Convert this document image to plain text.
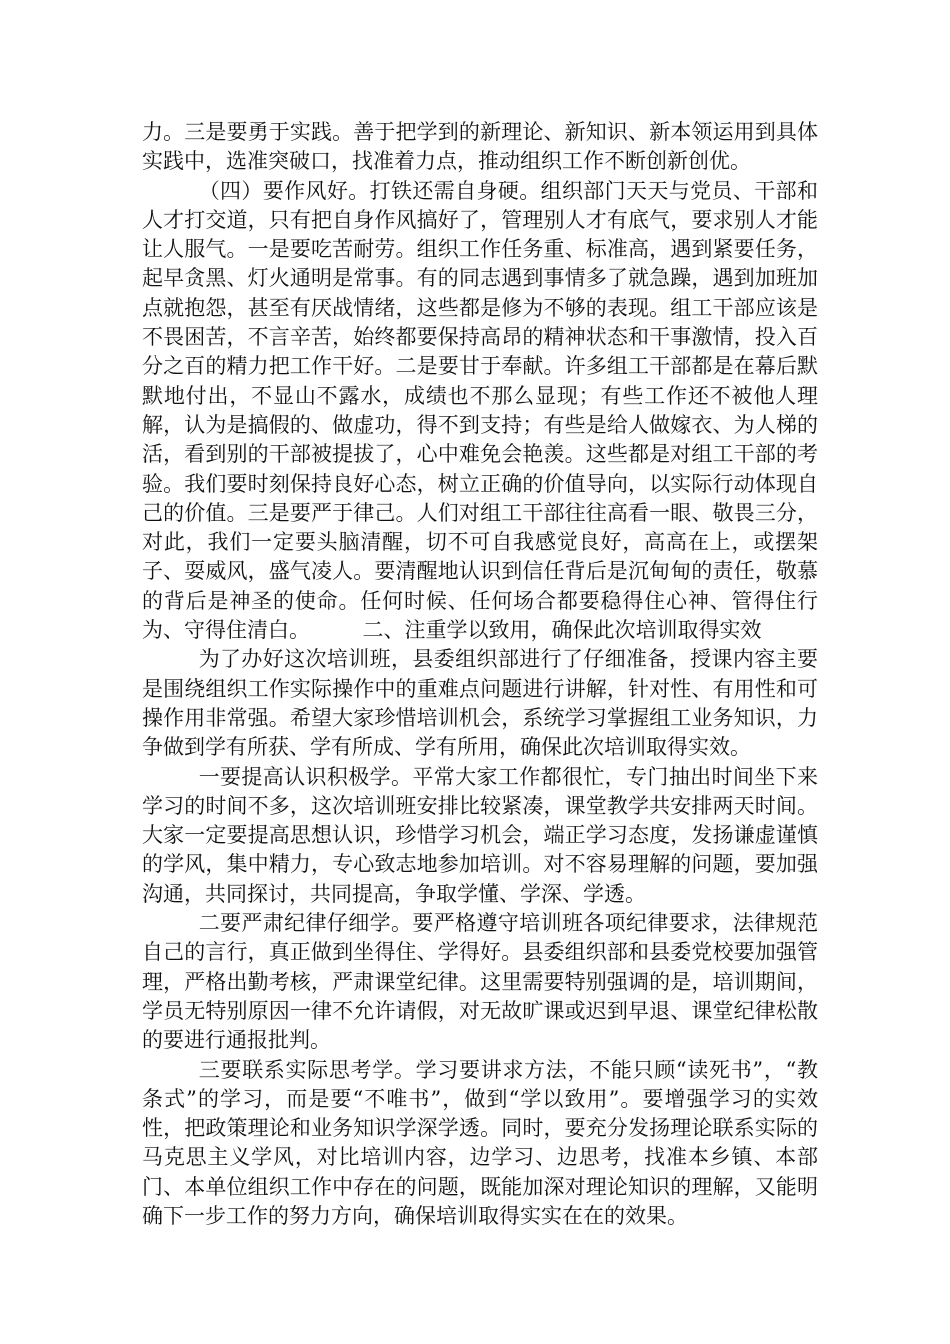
力。三是要勇于实践。善于把学到的新理论、新知识、新本领运用到具体实践中，选准突破口，找准着力点，推动组织工作不断创新创优。

（四）要作风好。打铁还需自身硬。组织部门天天与党员、干部和人才打交道，只有把自身作风搞好了，管理别人才有底气，要求别人才能让人服气。一是要吃苦耐劳。组织工作任务重、标准高，遇到紧要任务，起早贪黑、灯火通明是常事。有的同志遇到事情多了就急躁，遇到加班加点就抱怨，甚至有厌战情绪，这些都是修为不够的表现。组工干部应该是不畏困苦，不言辛苦，始终都要保持高昂的精神状态和干事激情，投入百分之百的精力把工作干好。二是要甘于奉献。许多组工干部都是在幕后默默地付出，不显山不露水，成绩也不那么显现；有些工作还不被他人理解，认为是搞假的、做虚功，得不到支持；有些是给人做嫁衣、为人梯的活，看到别的干部被提拔了，心中难免会艳羡。这些都是对组工干部的考验。我们要时刻保持良好心态，树立正确的价值导向，以实际行动体现自己的价值。三是要严于律己。人们对组工干部往往高看一眼、敬畏三分，对此，我们一定要头脑清醒，切不可自我感觉良好，高高在上，或摆架子、耍威风，盛气凌人。要清醒地认识到信任背后是沉甸甸的责任，敬慕的背后是神圣的使命。任何时候、任何场合都要稳得住心神、管得住行为、守得住清白。　　　二、注重学以致用，确保此次培训取得实效

为了办好这次培训班，县委组织部进行了仔细准备，授课内容主要是围绕组织工作实际操作中的重难点问题进行讲解，针对性、有用性和可操作用非常强。希望大家珍惜培训机会，系统学习掌握组工业务知识，力争做到学有所获、学有所成、学有所用，确保此次培训取得实效。

一要提高认识积极学。平常大家工作都很忙，专门抽出时间坐下来学习的时间不多，这次培训班安排比较紧凑，课堂教学共安排两天时间。大家一定要提高思想认识，珍惜学习机会，端正学习态度，发扬谦虚谨慎的学风，集中精力，专心致志地参加培训。对不容易理解的问题，要加强沟通，共同探讨，共同提高，争取学懂、学深、学透。

二要严肃纪律仔细学。要严格遵守培训班各项纪律要求，法律规范自己的言行，真正做到坐得住、学得好。县委组织部和县委党校要加强管理，严格出勤考核，严肃课堂纪律。这里需要特别强调的是，培训期间，学员无特别原因一律不允许请假，对无故旷课或迟到早退、课堂纪律松散的要进行通报批判。

三要联系实际思考学。学习要讲求方法，不能只顾“读死书”，“教条式”的学习，而是要“不唯书”，做到“学以致用”。要增强学习的实效性，把政策理论和业务知识学深学透。同时，要充分发扬理论联系实际的马克思主义学风，对比培训内容，边学习、边思考，找准本乡镇、本部门、本单位组织工作中存在的问题，既能加深对理论知识的理解，又能明确下一步工作的努力方向，确保培训取得实实在在的效果。
